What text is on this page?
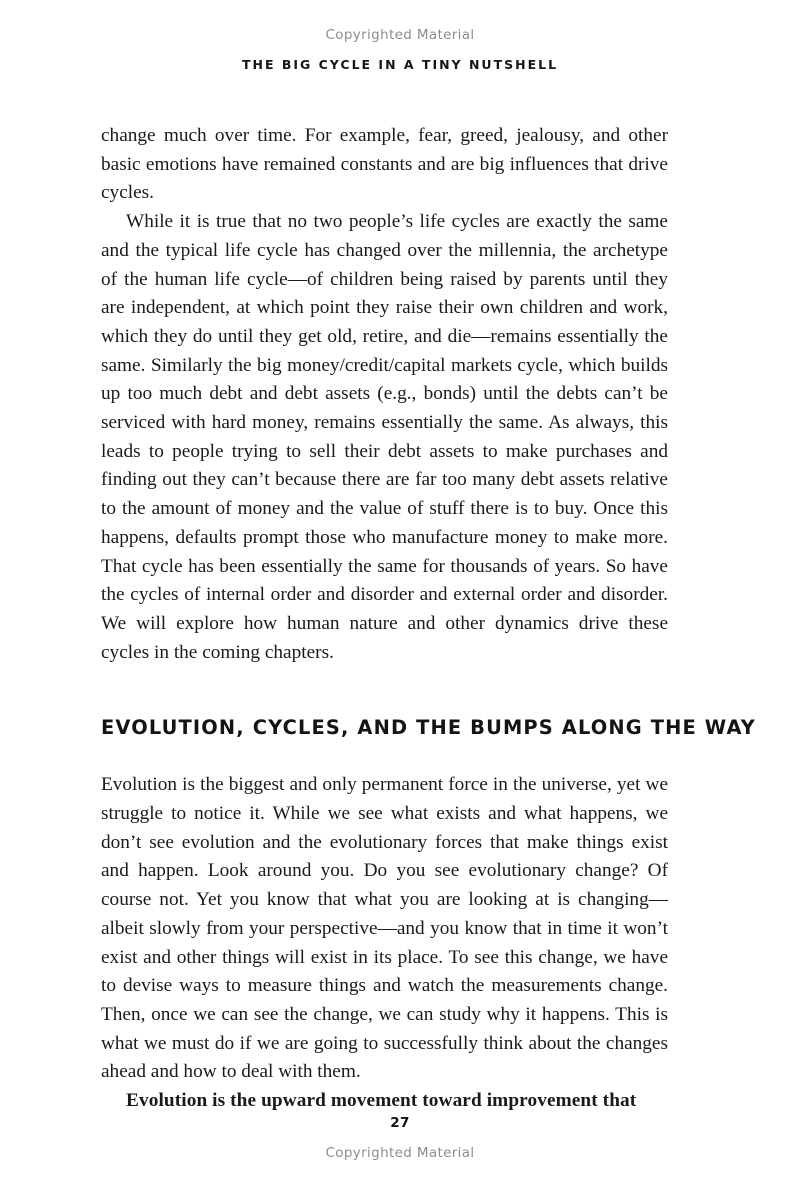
Copyrighted Material
THE BIG CYCLE IN A TINY NUTSHELL

change much over time. For example, fear, greed, jealousy, and other basic emotions have remained constants and are big influences that drive cycles.

While it is true that no two people’s life cycles are exactly the same and the typical life cycle has changed over the millennia, the archetype of the human life cycle—of children being raised by parents until they are independent, at which point they raise their own children and work, which they do until they get old, retire, and die—remains essentially the same. Similarly the big money/credit/capital markets cycle, which builds up too much debt and debt assets (e.g., bonds) until the debts can’t be serviced with hard money, remains essentially the same. As always, this leads to people trying to sell their debt assets to make purchases and finding out they can’t because there are far too many debt assets relative to the amount of money and the value of stuff there is to buy. Once this happens, defaults prompt those who manufacture money to make more. That cycle has been essentially the same for thousands of years. So have the cycles of internal order and disorder and external order and disorder. We will explore how human nature and other dynamics drive these cycles in the coming chapters.

EVOLUTION, CYCLES, AND THE BUMPS ALONG THE WAY

Evolution is the biggest and only permanent force in the universe, yet we struggle to notice it. While we see what exists and what happens, we don’t see evolution and the evolutionary forces that make things exist and happen. Look around you. Do you see evolutionary change? Of course not. Yet you know that what you are looking at is changing—albeit slowly from your perspective—and you know that in time it won’t exist and other things will exist in its place. To see this change, we have to devise ways to measure things and watch the measurements change. Then, once we can see the change, we can study why it happens. This is what we must do if we are going to successfully think about the changes ahead and how to deal with them.

Evolution is the upward movement toward improvement that

27
Copyrighted Material
